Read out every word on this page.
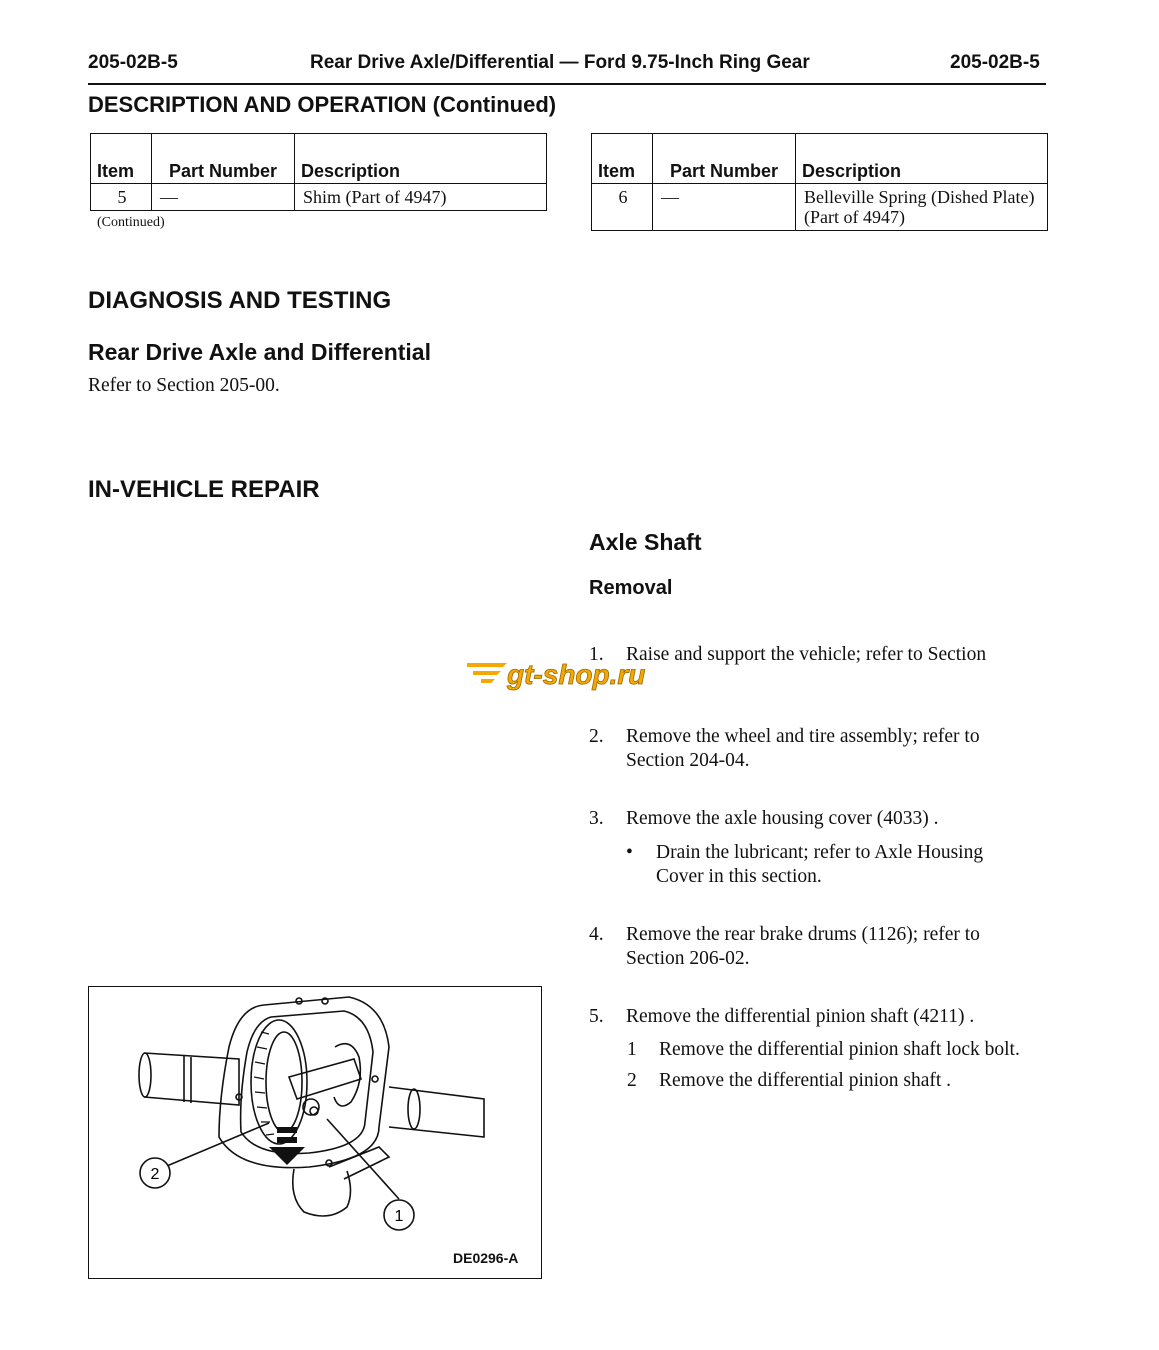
205-02B-5	Rear Drive Axle/Differential — Ford 9.75-Inch Ring Gear	205-02B-5
DESCRIPTION AND OPERATION (Continued)
Item	Part Number	Description
5	—	Shim (Part of 4947)
(Continued)
Item	Part Number	Description
6	—	Belleville Spring (Dished Plate) (Part of 4947)
DIAGNOSIS AND TESTING
Rear Drive Axle and Differential
Refer to Section 205-00.
IN-VEHICLE REPAIR
Axle Shaft
Removal
1. Raise and support the vehicle; refer to Section
gt-shop.ru
2. Remove the wheel and tire assembly; refer to Section 204-04.
3. Remove the axle housing cover (4033) .
• Drain the lubricant; refer to Axle Housing Cover in this section.
4. Remove the rear brake drums (1126); refer to Section 206-02.
5. Remove the differential pinion shaft (4211) .
1 Remove the differential pinion shaft lock bolt.
2 Remove the differential pinion shaft .
2
1
DE0296-A
